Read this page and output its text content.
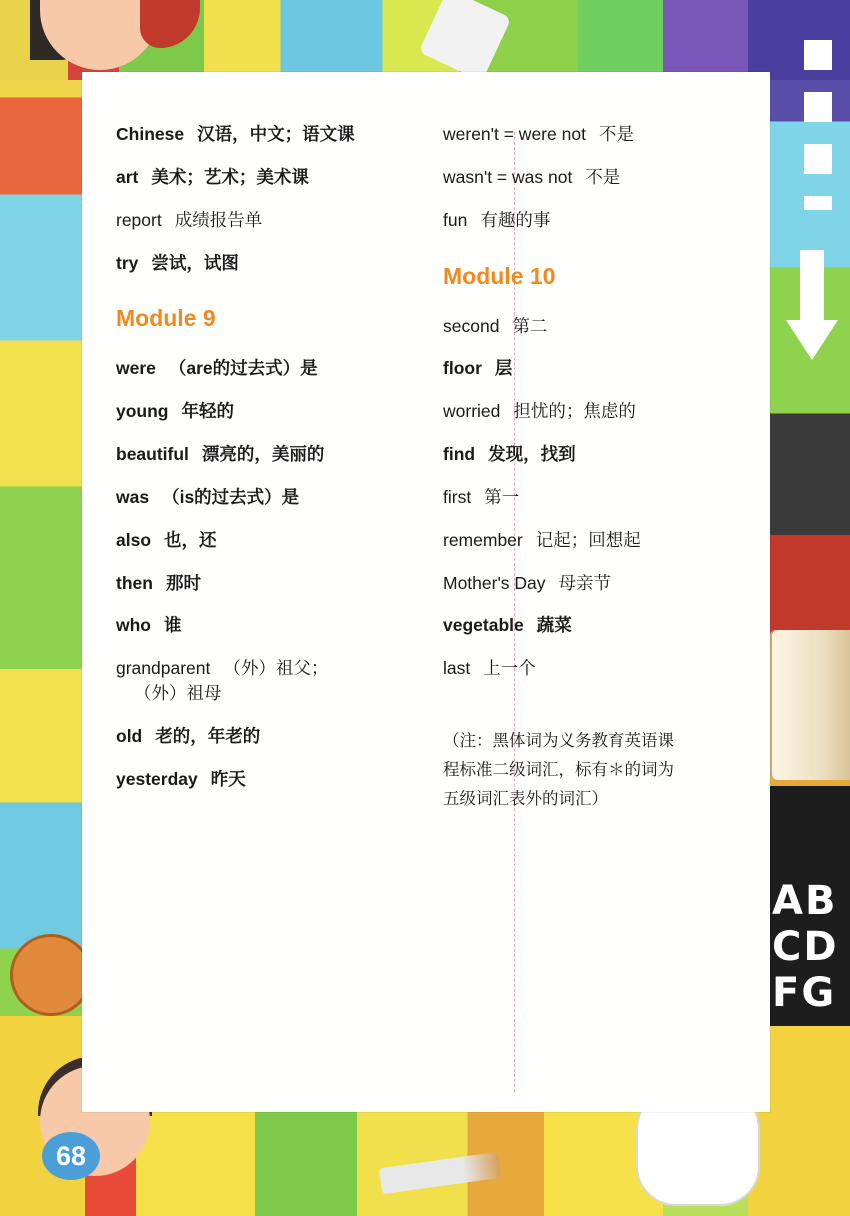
AB CD FG
Chinese 汉语，中文；语文课
art 美术；艺术；美术课
report 成绩报告单
try 尝试，试图
Module 9
were （are的过去式）是
young 年轻的
beautiful 漂亮的，美丽的
was （is的过去式）是
also 也，还
then 那时
who 谁
grandparent （外）祖父；
（外）祖母
old 老的，年老的
yesterday 昨天
weren't = were not 不是
wasn't = was not 不是
fun 有趣的事
Module 10
second 第二
floor 层
worried 担忧的；焦虑的
find 发现，找到
first 第一
remember 记起；回想起
Mother's Day 母亲节
vegetable 蔬菜
last 上一个
（注：黑体词为义务教育英语课
程标准二级词汇，标有＊的词为
五级词汇表外的词汇）
68
